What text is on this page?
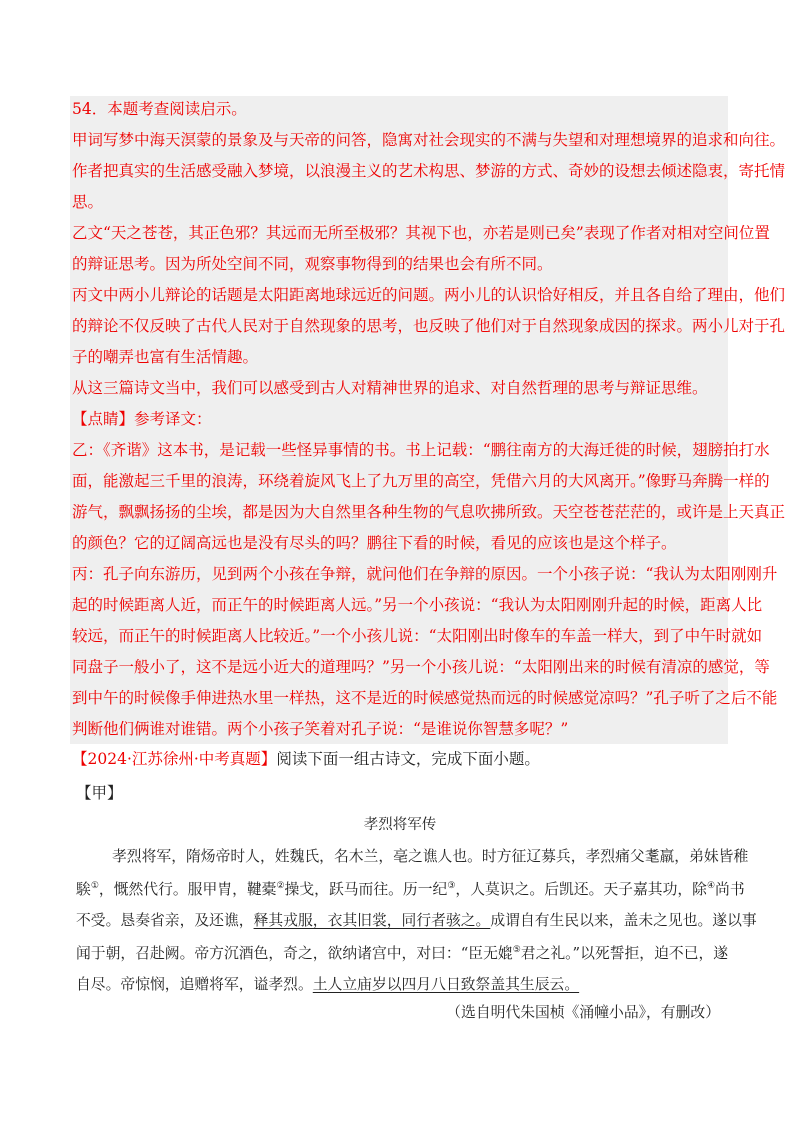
54．本题考查阅读启示。
甲词写梦中海天溟蒙的景象及与天帝的问答，隐寓对社会现实的不满与失望和对理想境界的追求和向往。
作者把真实的生活感受融入梦境，以浪漫主义的艺术构思、梦游的方式、奇妙的设想去倾述隐衷，寄托情
思。
乙文“天之苍苍，其正色邪？其远而无所至极邪？其视下也，亦若是则已矣”表现了作者对相对空间位置
的辩证思考。因为所处空间不同，观察事物得到的结果也会有所不同。
丙文中两小儿辩论的话题是太阳距离地球远近的问题。两小儿的认识恰好相反，并且各自给了理由，他们
的辩论不仅反映了古代人民对于自然现象的思考，也反映了他们对于自然现象成因的探求。两小儿对于孔
子的嘲弄也富有生活情趣。
从这三篇诗文当中，我们可以感受到古人对精神世界的追求、对自然哲理的思考与辩证思维。
【点睛】参考译文：
乙：《齐谐》这本书，是记载一些怪异事情的书。书上记载：“鹏往南方的大海迁徙的时候，翅膀拍打水
面，能激起三千里的浪涛，环绕着旋风飞上了九万里的高空，凭借六月的大风离开。”像野马奔腾一样的
游气，飘飘扬扬的尘埃，都是因为大自然里各种生物的气息吹拂所致。天空苍苍茫茫的，或许是上天真正
的颜色？它的辽阔高远也是没有尽头的吗？鹏往下看的时候，看见的应该也是这个样子。
丙：孔子向东游历，见到两个小孩在争辩，就问他们在争辩的原因。一个小孩子说：“我认为太阳刚刚升
起的时候距离人近，而正午的时候距离人远。”另一个小孩说：“我认为太阳刚刚升起的时候，距离人比
较远，而正午的时候距离人比较近。”一个小孩儿说：“太阳刚出时像车的车盖一样大，到了中午时就如
同盘子一般小了，这不是远小近大的道理吗？”另一个小孩儿说：“太阳刚出来的时候有清凉的感觉，等
到中午的时候像手伸进热水里一样热，这不是近的时候感觉热而远的时候感觉凉吗？”孔子听了之后不能
判断他们俩谁对谁错。两个小孩子笑着对孔子说：“是谁说你智慧多呢？”
【2024·江苏徐州·中考真题】阅读下面一组古诗文，完成下面小题。
【甲】
孝烈将军传
孝烈将军，隋炀帝时人，姓魏氏，名木兰，亳之谯人也。时方征辽募兵，孝烈痛父耄羸，弟妹皆稚
騃①，慨然代行。服甲胄，鞬橐②操戈，跃马而往。历一纪③，人莫识之。后凯还。天子嘉其功，除④尚书
不受。恳奏省亲，及还谯，释其戎服，衣其旧裳，同行者骇之。成谓自有生民以来，盖未之见也。遂以事
闻于朝，召赴阙。帝方沉酒色，奇之，欲纳诸宫中，对曰：“臣无媲⑤君之礼。”以死誓拒，迫不已，遂
自尽。帝惊悯，追赠将军，谥孝烈。土人立庙岁以四月八日致祭盖其生辰云。
（选自明代朱国桢《涌幢小品》，有删改）
